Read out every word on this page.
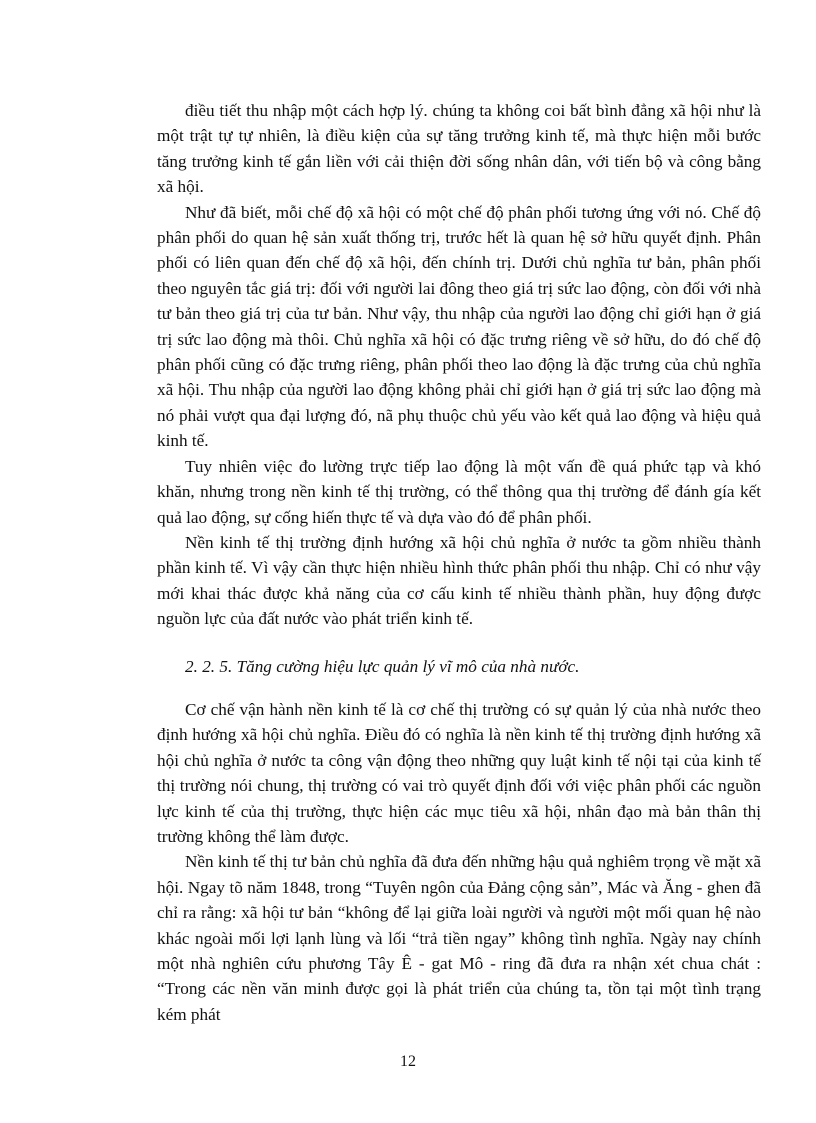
điều tiết thu nhập một cách hợp lý. chúng ta không coi bất bình đẳng xã hội như là một trật tự tự nhiên, là điều kiện của sự tăng trưởng kinh tế, mà thực hiện mỗi bước tăng trưởng kinh tế gắn liền với cải thiện đời sống nhân dân, với tiến bộ và công bằng xã hội.

Như đã biết, mỗi chế độ xã hội có một chế độ phân phối tương ứng với nó. Chế độ phân phối do quan hệ sản xuất thống trị, trước hết là quan hệ sở hữu quyết định. Phân phối có liên quan đến chế độ xã hội, đến chính trị. Dưới chủ nghĩa tư bản, phân phối theo nguyên tắc giá trị: đối với người lai đông theo giá trị sức lao động, còn đối với nhà tư bản theo giá trị của tư bản. Như vậy, thu nhập của người lao động chỉ giới hạn ở giá trị sức lao động mà thôi. Chủ nghĩa xã hội có đặc trưng riêng về sở hữu, do đó chế độ phân phối cũng có đặc trưng riêng, phân phối theo lao động là đặc trưng của chủ nghĩa xã hội. Thu nhập của người lao động không phải chỉ giới hạn ở giá trị sức lao động mà nó phải vượt qua đại lượng đó, nã phụ thuộc chủ yếu vào kết quả lao động và hiệu quả kinh tế.

Tuy nhiên việc đo lường trực tiếp lao động là một vấn đề quá phức tạp và khó khăn, nhưng trong nền kinh tế thị trường, có thể thông qua thị trường để đánh gía kết quả lao động, sự cống hiến thực tế và dựa vào đó để phân phối.

Nền kinh tế thị trường định hướng xã hội chủ nghĩa ở nước ta gồm nhiều thành phần kinh tế. Vì vậy cần thực hiện nhiều hình thức phân phối thu nhập. Chỉ có như vậy mới khai thác được khả năng của cơ cấu kinh tế nhiều thành phần, huy động được nguồn lực của đất nước vào phát triển kinh tế.

2. 2. 5. Tăng cường hiệu lực quản lý vĩ mô của nhà nước.

Cơ chế vận hành nền kinh tế là cơ chế thị trường có sự quản lý của nhà nước theo định hướng xã hội chủ nghĩa. Điều đó có nghĩa là nền kinh tế thị trường định hướng xã hội chủ nghĩa ở nước ta công vận động theo những quy luật kinh tế nội tại của kinh tế thị trường nói chung, thị trường có vai trò quyết định đối với việc phân phối các nguồn lực kinh tế của thị trường, thực hiện các mục tiêu xã hội, nhân đạo mà bản thân thị trường không thể làm được.

Nền kinh tế thị tư bản chủ nghĩa đã đưa đến những hậu quả nghiêm trọng về mặt xã hội. Ngay tõ năm 1848, trong “Tuyên ngôn của Đảng cộng sản”, Mác và Ăng - ghen đã chỉ ra rằng: xã hội tư bản “không để lại giữa loài người và người một mối quan hệ nào khác ngoài mối lợi lạnh lùng và lối “trả tiền ngay” không tình nghĩa. Ngày nay chính một nhà nghiên cứu phương Tây Ê - gat Mô - ring đã đưa ra nhận xét chua chát : “Trong các nền văn minh được gọi là phát triển của chúng ta, tồn tại một tình trạng kém phát

12
